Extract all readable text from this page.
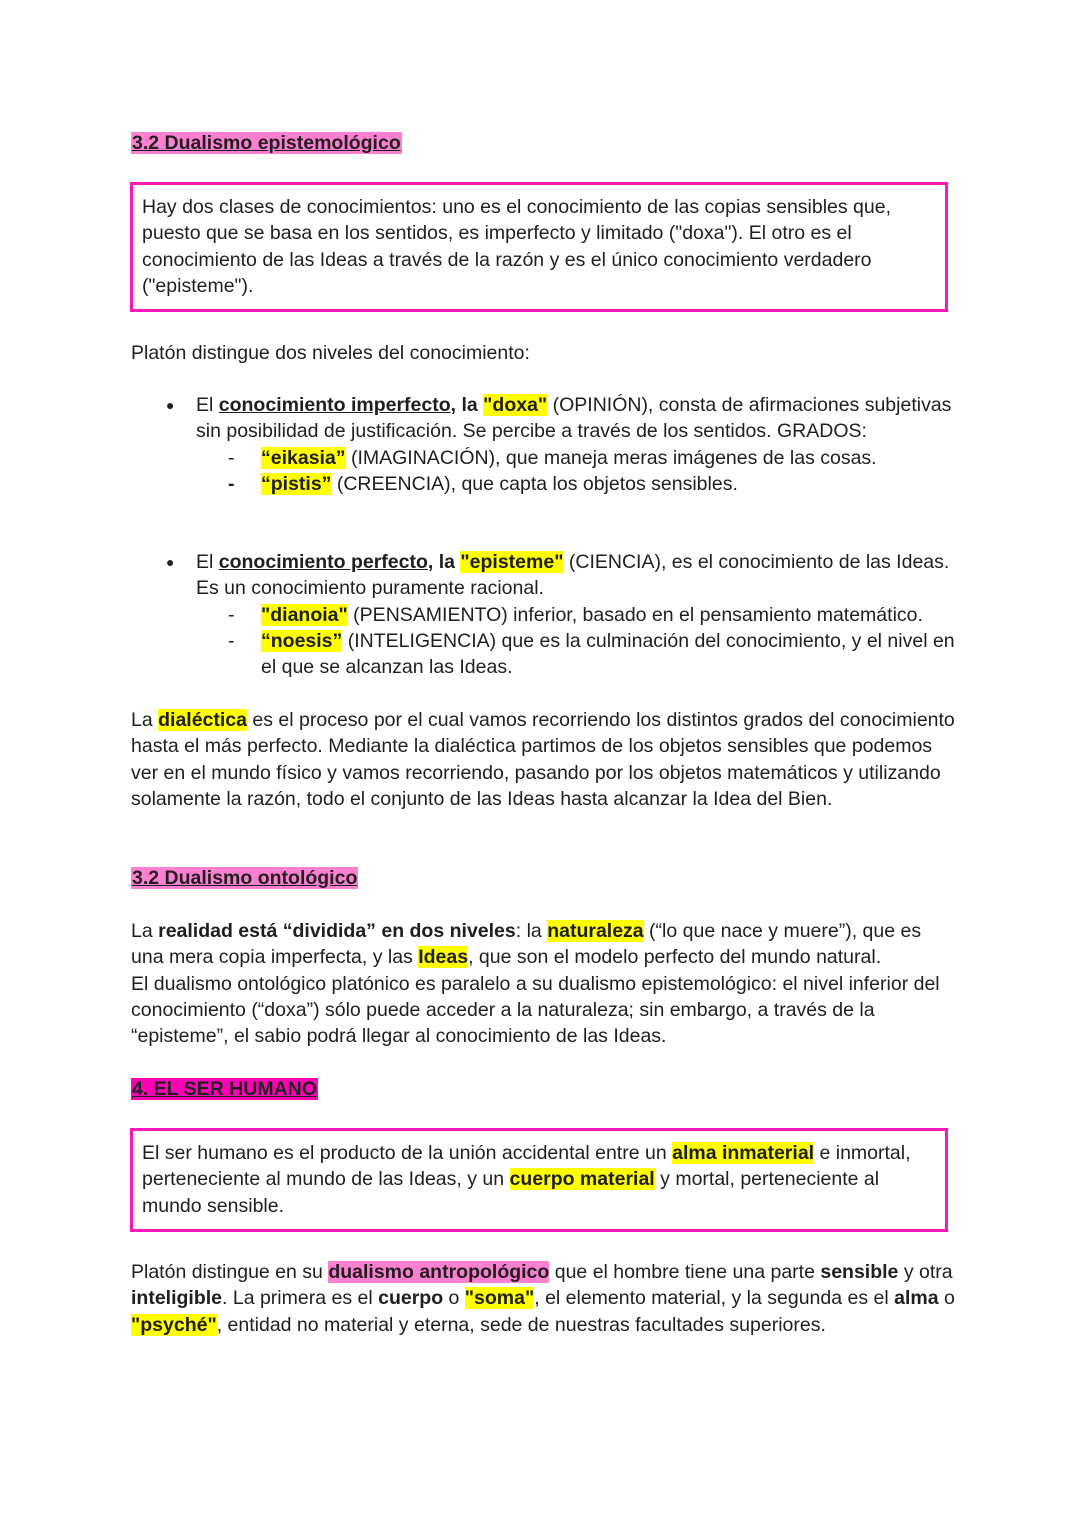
3.2 Dualismo epistemológico

Hay dos clases de conocimientos: uno es el conocimiento de las copias sensibles que, puesto que se basa en los sentidos, es imperfecto y limitado ("doxa"). El otro es el conocimiento de las Ideas a través de la razón y es el único conocimiento verdadero ("episteme").

Platón distingue dos niveles del conocimiento:

● El conocimiento imperfecto, la "doxa" (OPINIÓN), consta de afirmaciones subjetivas sin posibilidad de justificación. Se percibe a través de los sentidos. GRADOS:
- “eikasia” (IMAGINACIÓN), que maneja meras imágenes de las cosas.
- “pistis” (CREENCIA), que capta los objetos sensibles.
● El conocimiento perfecto, la "episteme" (CIENCIA), es el conocimiento de las Ideas. Es un conocimiento puramente racional.
- "dianoia" (PENSAMIENTO) inferior, basado en el pensamiento matemático.
- “noesis” (INTELIGENCIA) que es la culminación del conocimiento, y el nivel en el que se alcanzan las Ideas.

La dialéctica es el proceso por el cual vamos recorriendo los distintos grados del conocimiento hasta el más perfecto. Mediante la dialéctica partimos de los objetos sensibles que podemos ver en el mundo físico y vamos recorriendo, pasando por los objetos matemáticos y utilizando solamente la razón, todo el conjunto de las Ideas hasta alcanzar la Idea del Bien.

3.2 Dualismo ontológico

La realidad está “dividida” en dos niveles: la naturaleza (“lo que nace y muere”), que es una mera copia imperfecta, y las Ideas, que son el modelo perfecto del mundo natural.

El dualismo ontológico platónico es paralelo a su dualismo epistemológico: el nivel inferior del conocimiento (“doxa”) sólo puede acceder a la naturaleza; sin embargo, a través de la “episteme”, el sabio podrá llegar al conocimiento de las Ideas.

4. EL SER HUMANO

El ser humano es el producto de la unión accidental entre un alma inmaterial e inmortal, perteneciente al mundo de las Ideas, y un cuerpo material y mortal, perteneciente al mundo sensible.

Platón distingue en su dualismo antropológico que el hombre tiene una parte sensible y otra inteligible. La primera es el cuerpo o "soma", el elemento material, y la segunda es el alma o "psyché", entidad no material y eterna, sede de nuestras facultades superiores.
